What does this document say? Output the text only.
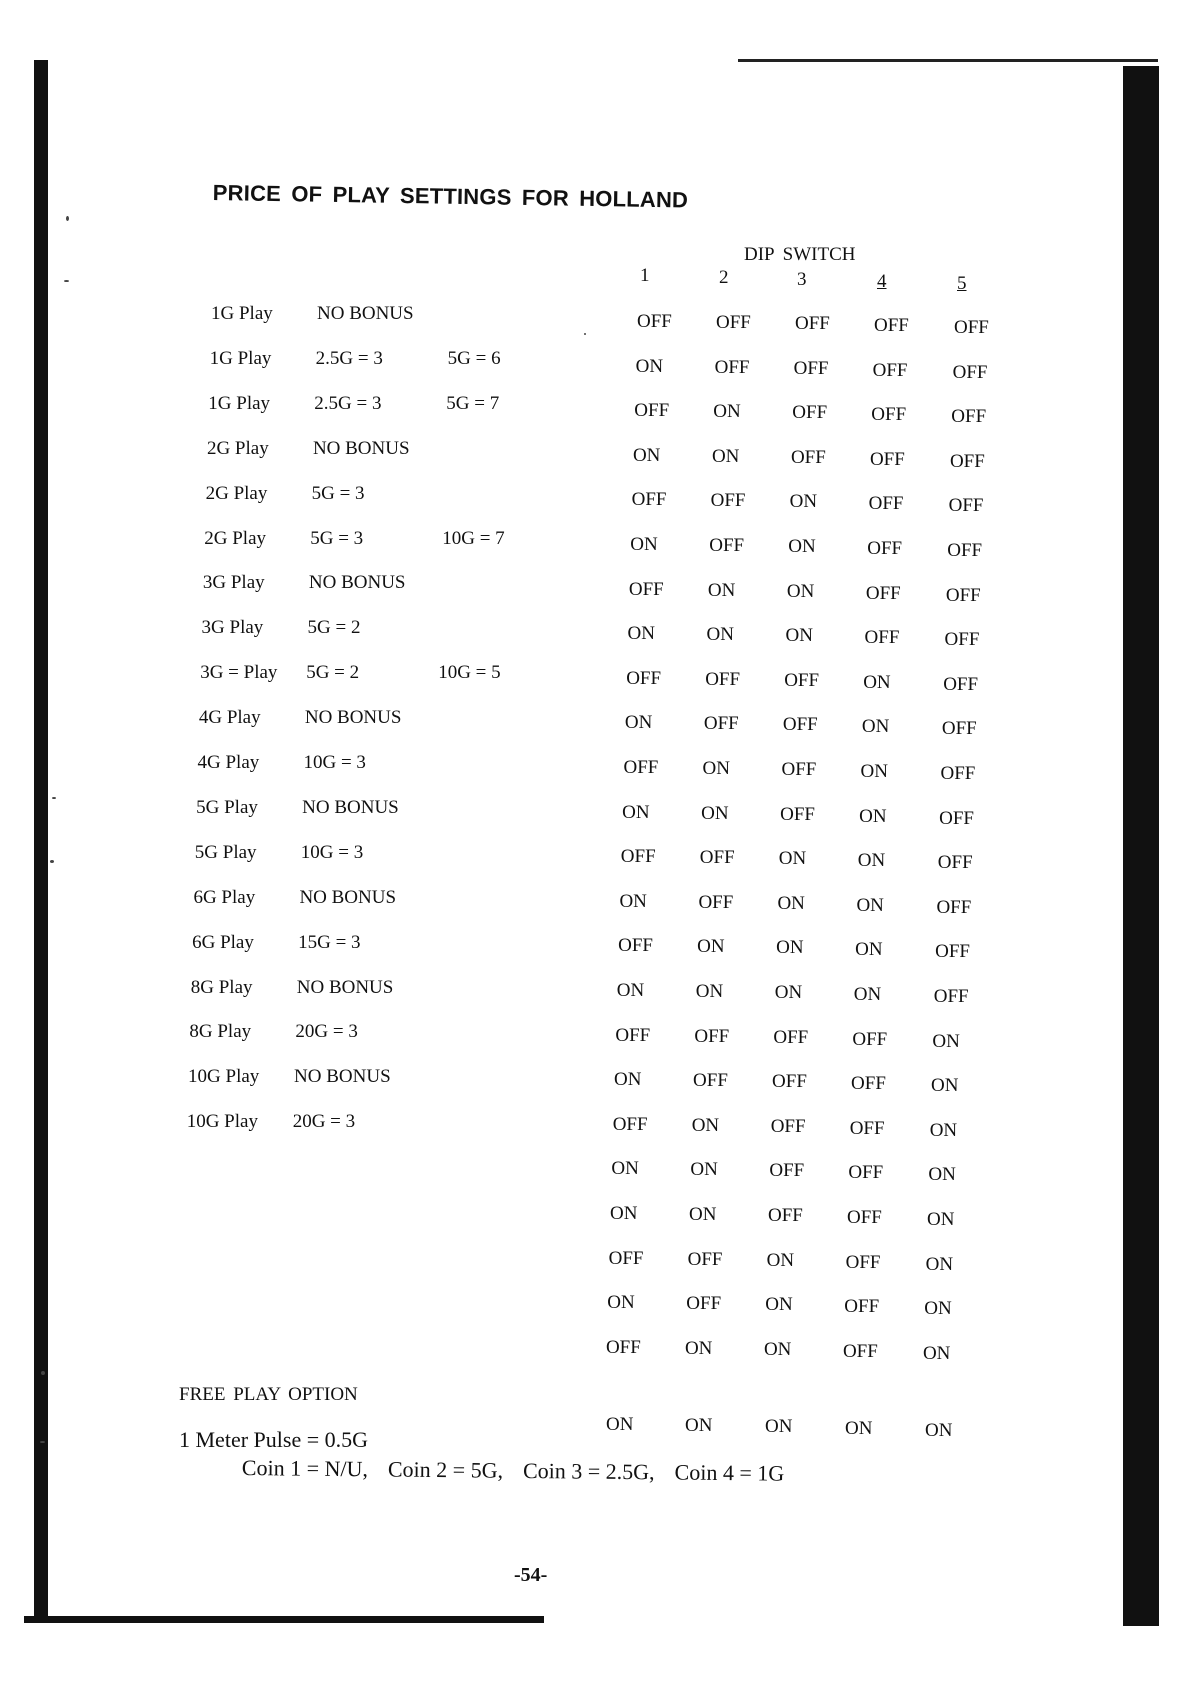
PRICE OF PLAY SETTINGS FOR HOLLAND
DIP SWITCH
1	2	3	4	5
1G Play NO BONUS
1G Play 2.5G = 3	5G = 6
1G Play 2.5G = 3	5G = 7
2G Play NO BONUS
2G Play 5G = 3
2G Play 5G = 3	10G = 7
3G Play NO BONUS
3G Play 5G = 2
3G = Play 5G = 2	10G = 5
4G Play NO BONUS
4G Play 10G = 3
5G Play NO BONUS
5G Play 10G = 3
6G Play NO BONUS
6G Play 15G = 3
8G Play NO BONUS
8G Play 20G = 3
10G Play NO BONUS
10G Play 20G = 3
OFF OFF OFF OFF OFF
ON	OFF OFF OFF OFF
OFF ON	OFF OFF OFF
ON	ON	OFF OFF OFF
OFF OFF ON	OFF OFF
ON	OFF ON	OFF OFF
OFF ON	ON	OFF OFF
ON	ON	ON	OFF OFF
OFF OFF OFF ON	OFF
ON	OFF OFF ON	OFF
OFF ON	OFF ON	OFF
ON	ON	OFF ON	OFF
OFF OFF ON	ON	OFF
ON	OFF ON	ON	OFF
OFF ON	ON	ON	OFF
ON	ON	ON	ON	OFF
OFF OFF OFF OFF ON
ON	OFF OFF OFF ON
OFF ON	OFF OFF ON
ON	ON	OFF OFF ON
ON	ON	OFF OFF ON
OFF OFF ON	OFF ON
ON	OFF ON	OFF ON
OFF ON	ON	OFF ON
FREE PLAY OPTION
ON	ON	ON	ON	ON
1 Meter Pulse = 0.5G
Coin 1 = N/U, Coin 2 = 5G, Coin 3 = 2.5G, Coin 4 = 1G
-54-
